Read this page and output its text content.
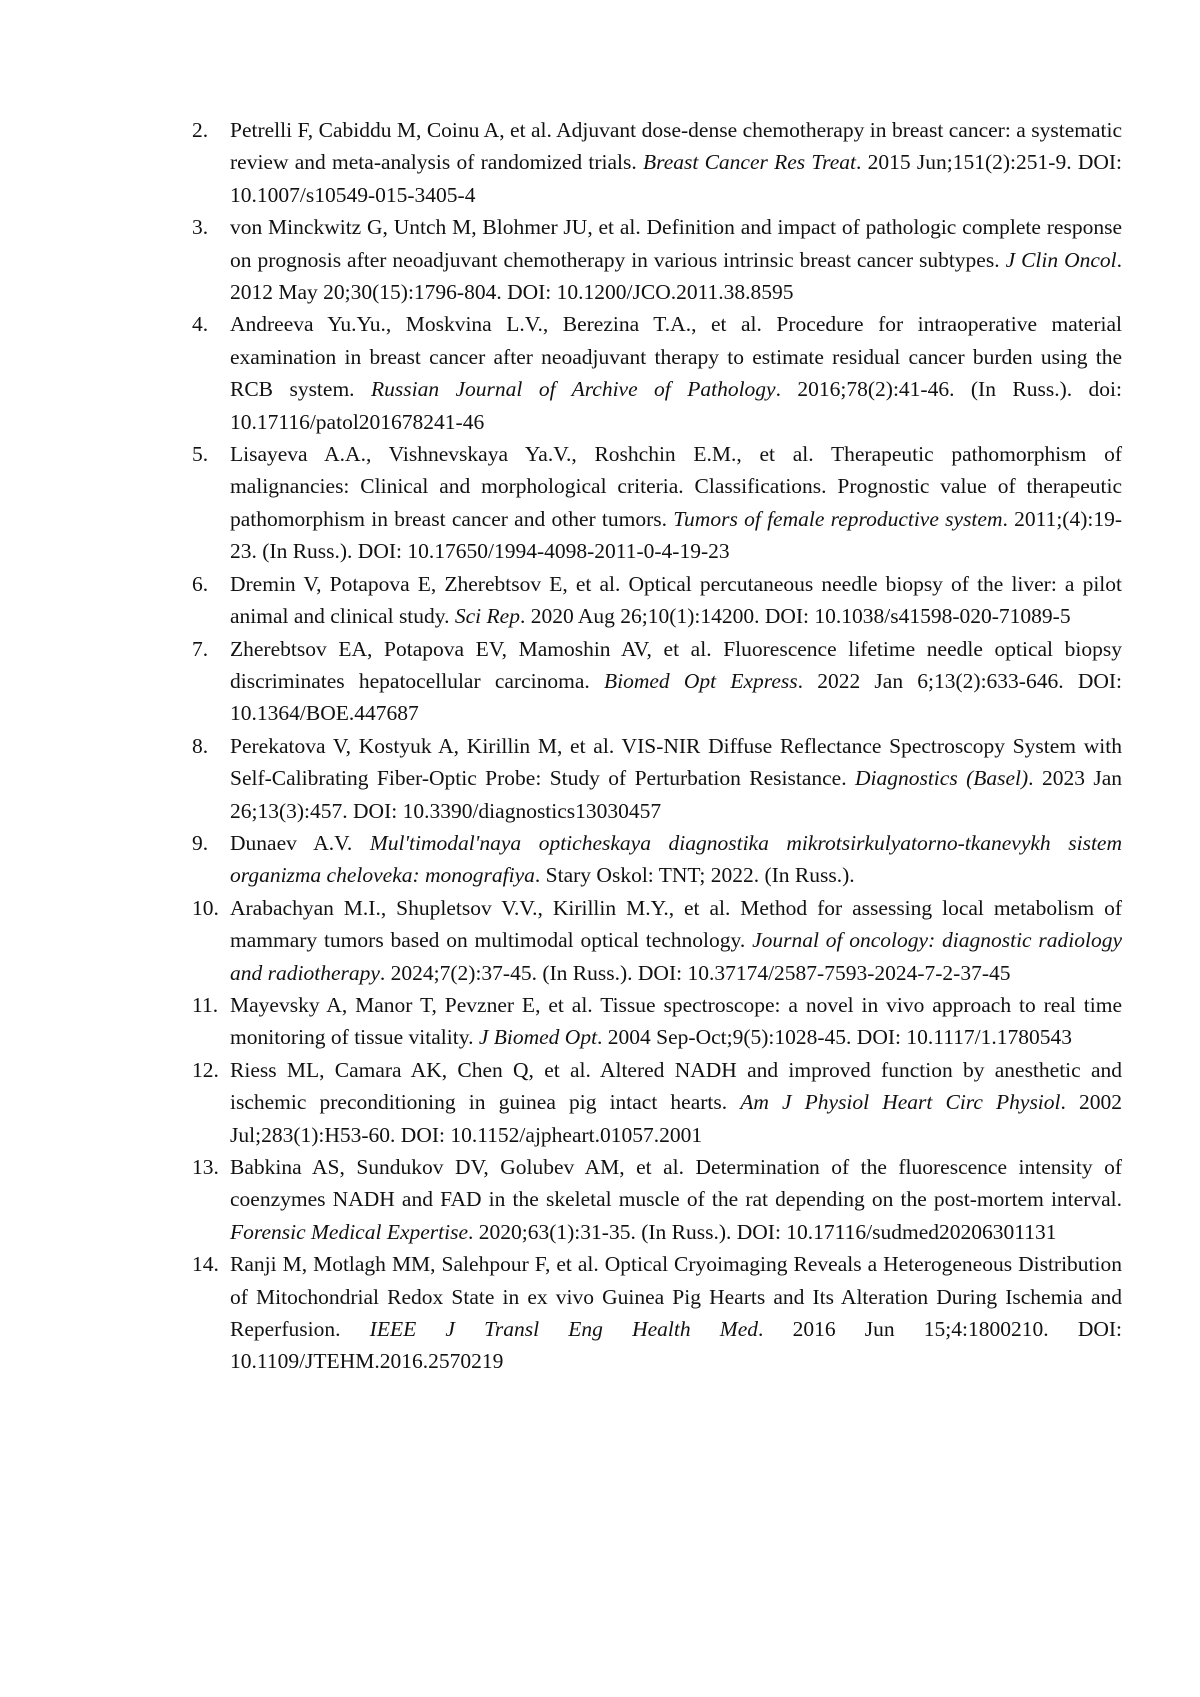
2. Petrelli F, Cabiddu M, Coinu A, et al. Adjuvant dose-dense chemotherapy in breast cancer: a systematic review and meta-analysis of randomized trials. Breast Cancer Res Treat. 2015 Jun;151(2):251-9. DOI: 10.1007/s10549-015-3405-4
3. von Minckwitz G, Untch M, Blohmer JU, et al. Definition and impact of pathologic complete response on prognosis after neoadjuvant chemotherapy in various intrinsic breast cancer subtypes. J Clin Oncol. 2012 May 20;30(15):1796-804. DOI: 10.1200/JCO.2011.38.8595
4. Andreeva Yu.Yu., Moskvina L.V., Berezina T.A., et al. Procedure for intraoperative material examination in breast cancer after neoadjuvant therapy to estimate residual cancer burden using the RCB system. Russian Journal of Archive of Pathology. 2016;78(2):41-46. (In Russ.). doi: 10.17116/patol201678241-46
5. Lisayeva A.A., Vishnevskaya Ya.V., Roshchin E.M., et al. Therapeutic pathomorphism of malignancies: Clinical and morphological criteria. Classifications. Prognostic value of therapeutic pathomorphism in breast cancer and other tumors. Tumors of female reproductive system. 2011;(4):19-23. (In Russ.). DOI: 10.17650/1994-4098-2011-0-4-19-23
6. Dremin V, Potapova E, Zherebtsov E, et al. Optical percutaneous needle biopsy of the liver: a pilot animal and clinical study. Sci Rep. 2020 Aug 26;10(1):14200. DOI: 10.1038/s41598-020-71089-5
7. Zherebtsov EA, Potapova EV, Mamoshin AV, et al. Fluorescence lifetime needle optical biopsy discriminates hepatocellular carcinoma. Biomed Opt Express. 2022 Jan 6;13(2):633-646. DOI: 10.1364/BOE.447687
8. Perekatova V, Kostyuk A, Kirillin M, et al. VIS-NIR Diffuse Reflectance Spectroscopy System with Self-Calibrating Fiber-Optic Probe: Study of Perturbation Resistance. Diagnostics (Basel). 2023 Jan 26;13(3):457. DOI: 10.3390/diagnostics13030457
9. Dunaev A.V. Mul'timodal'naya opticheskaya diagnostika mikrotsirkulyatorno-tkanevykh sistem organizma cheloveka: monografiya. Stary Oskol: TNT; 2022. (In Russ.).
10. Arabachyan M.I., Shupletsov V.V., Kirillin M.Y., et al. Method for assessing local metabolism of mammary tumors based on multimodal optical technology. Journal of oncology: diagnostic radiology and radiotherapy. 2024;7(2):37-45. (In Russ.). DOI: 10.37174/2587-7593-2024-7-2-37-45
11. Mayevsky A, Manor T, Pevzner E, et al. Tissue spectroscope: a novel in vivo approach to real time monitoring of tissue vitality. J Biomed Opt. 2004 Sep-Oct;9(5):1028-45. DOI: 10.1117/1.1780543
12. Riess ML, Camara AK, Chen Q, et al. Altered NADH and improved function by anesthetic and ischemic preconditioning in guinea pig intact hearts. Am J Physiol Heart Circ Physiol. 2002 Jul;283(1):H53-60. DOI: 10.1152/ajpheart.01057.2001
13. Babkina AS, Sundukov DV, Golubev AM, et al. Determination of the fluorescence intensity of coenzymes NADH and FAD in the skeletal muscle of the rat depending on the post-mortem interval. Forensic Medical Expertise. 2020;63(1):31-35. (In Russ.). DOI: 10.17116/sudmed20206301131
14. Ranji M, Motlagh MM, Salehpour F, et al. Optical Cryoimaging Reveals a Heterogeneous Distribution of Mitochondrial Redox State in ex vivo Guinea Pig Hearts and Its Alteration During Ischemia and Reperfusion. IEEE J Transl Eng Health Med. 2016 Jun 15;4:1800210. DOI: 10.1109/JTEHM.2016.2570219
